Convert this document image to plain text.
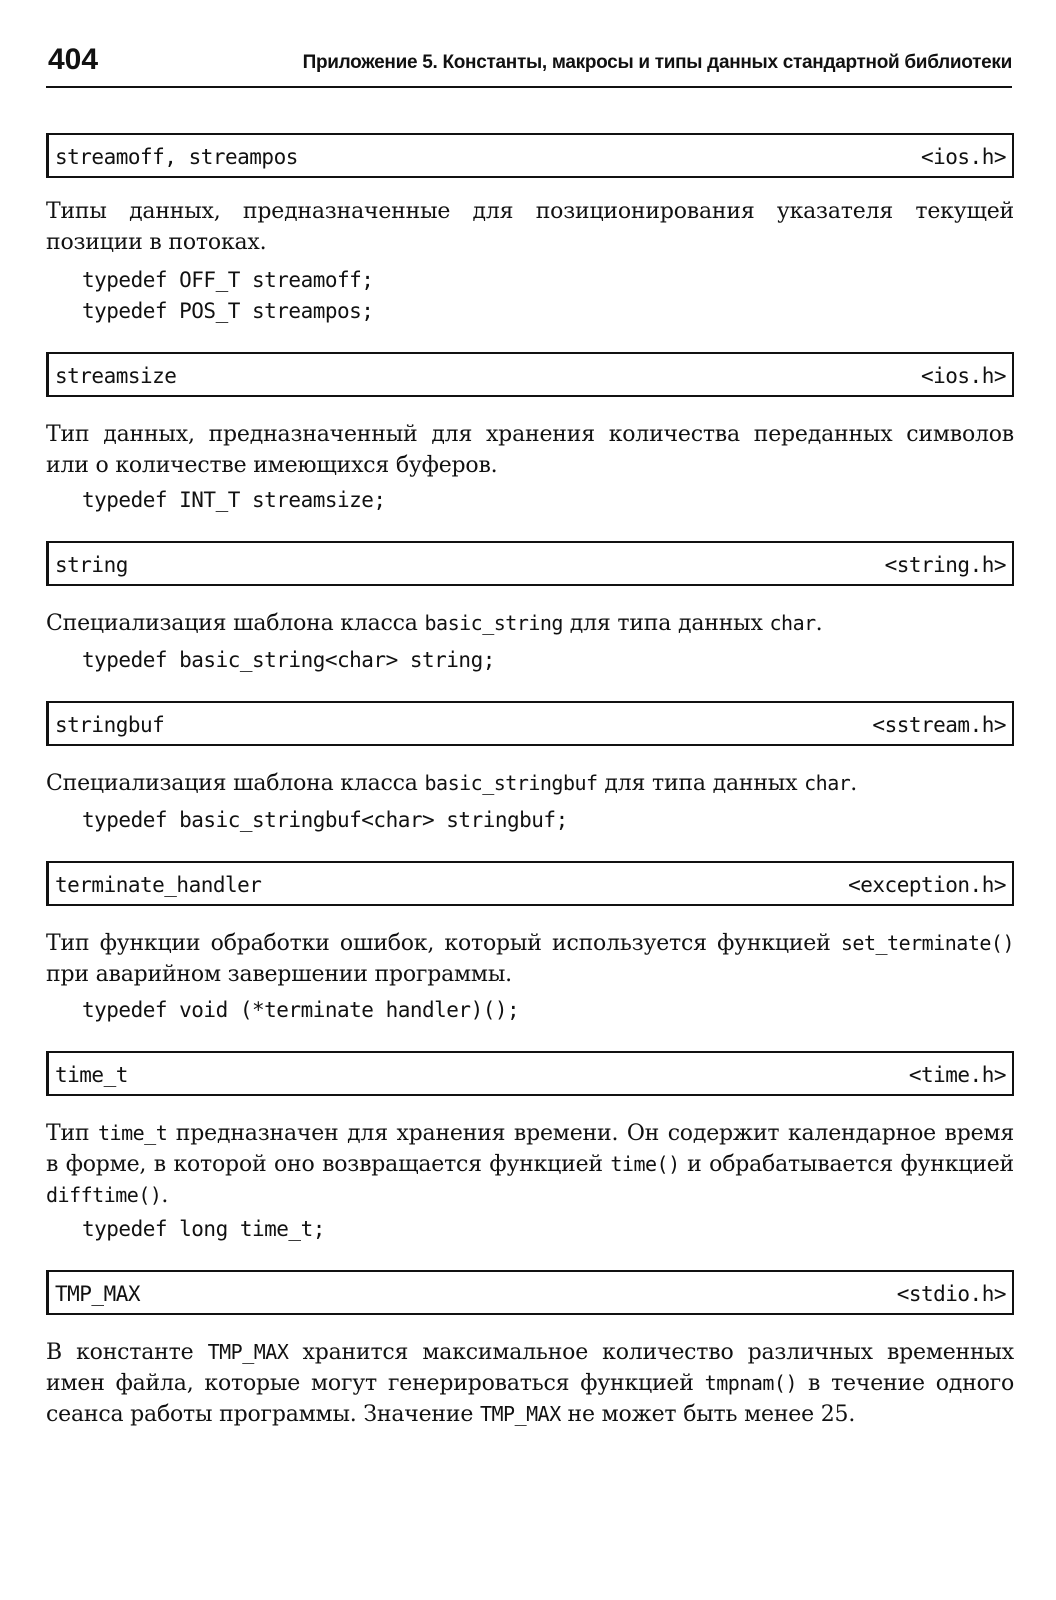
404	Приложение 5. Константы, макросы и типы данных стандартной библиотеки
streamoff, streampos	<ios.h>

Типы данных, предназначенные для позиционирования указателя текущей позиции в потоках.

typedef OFF_T streamoff;
typedef POS_T streampos;
streamsize	<ios.h>

Тип данных, предназначенный для хранения количества переданных символов или о количестве имеющихся буферов.

typedef INT_T streamsize;
string	<string.h>

Специализация шаблона класса basic_string для типа данных char.

typedef basic_string<char> string;
stringbuf	<sstream.h>

Специализация шаблона класса basic_stringbuf для типа данных char.

typedef basic_stringbuf<char> stringbuf;
terminate_handler	<exception.h>

Тип функции обработки ошибок, который используется функцией set_terminate() при аварийном завершении программы.

typedef void (*terminate handler)();
time_t	<time.h>

Тип time_t предназначен для хранения времени. Он содержит календарное время в форме, в которой оно возвращается функцией time() и обрабатывается функцией difftime().

typedef long time_t;
TMP_MAX	<stdio.h>

В константе TMP_MAX хранится максимальное количество различных временных имен файла, которые могут генерироваться функцией tmpnam() в течение одного сеанса работы программы. Значение TMP_MAX не может быть менее 25.
